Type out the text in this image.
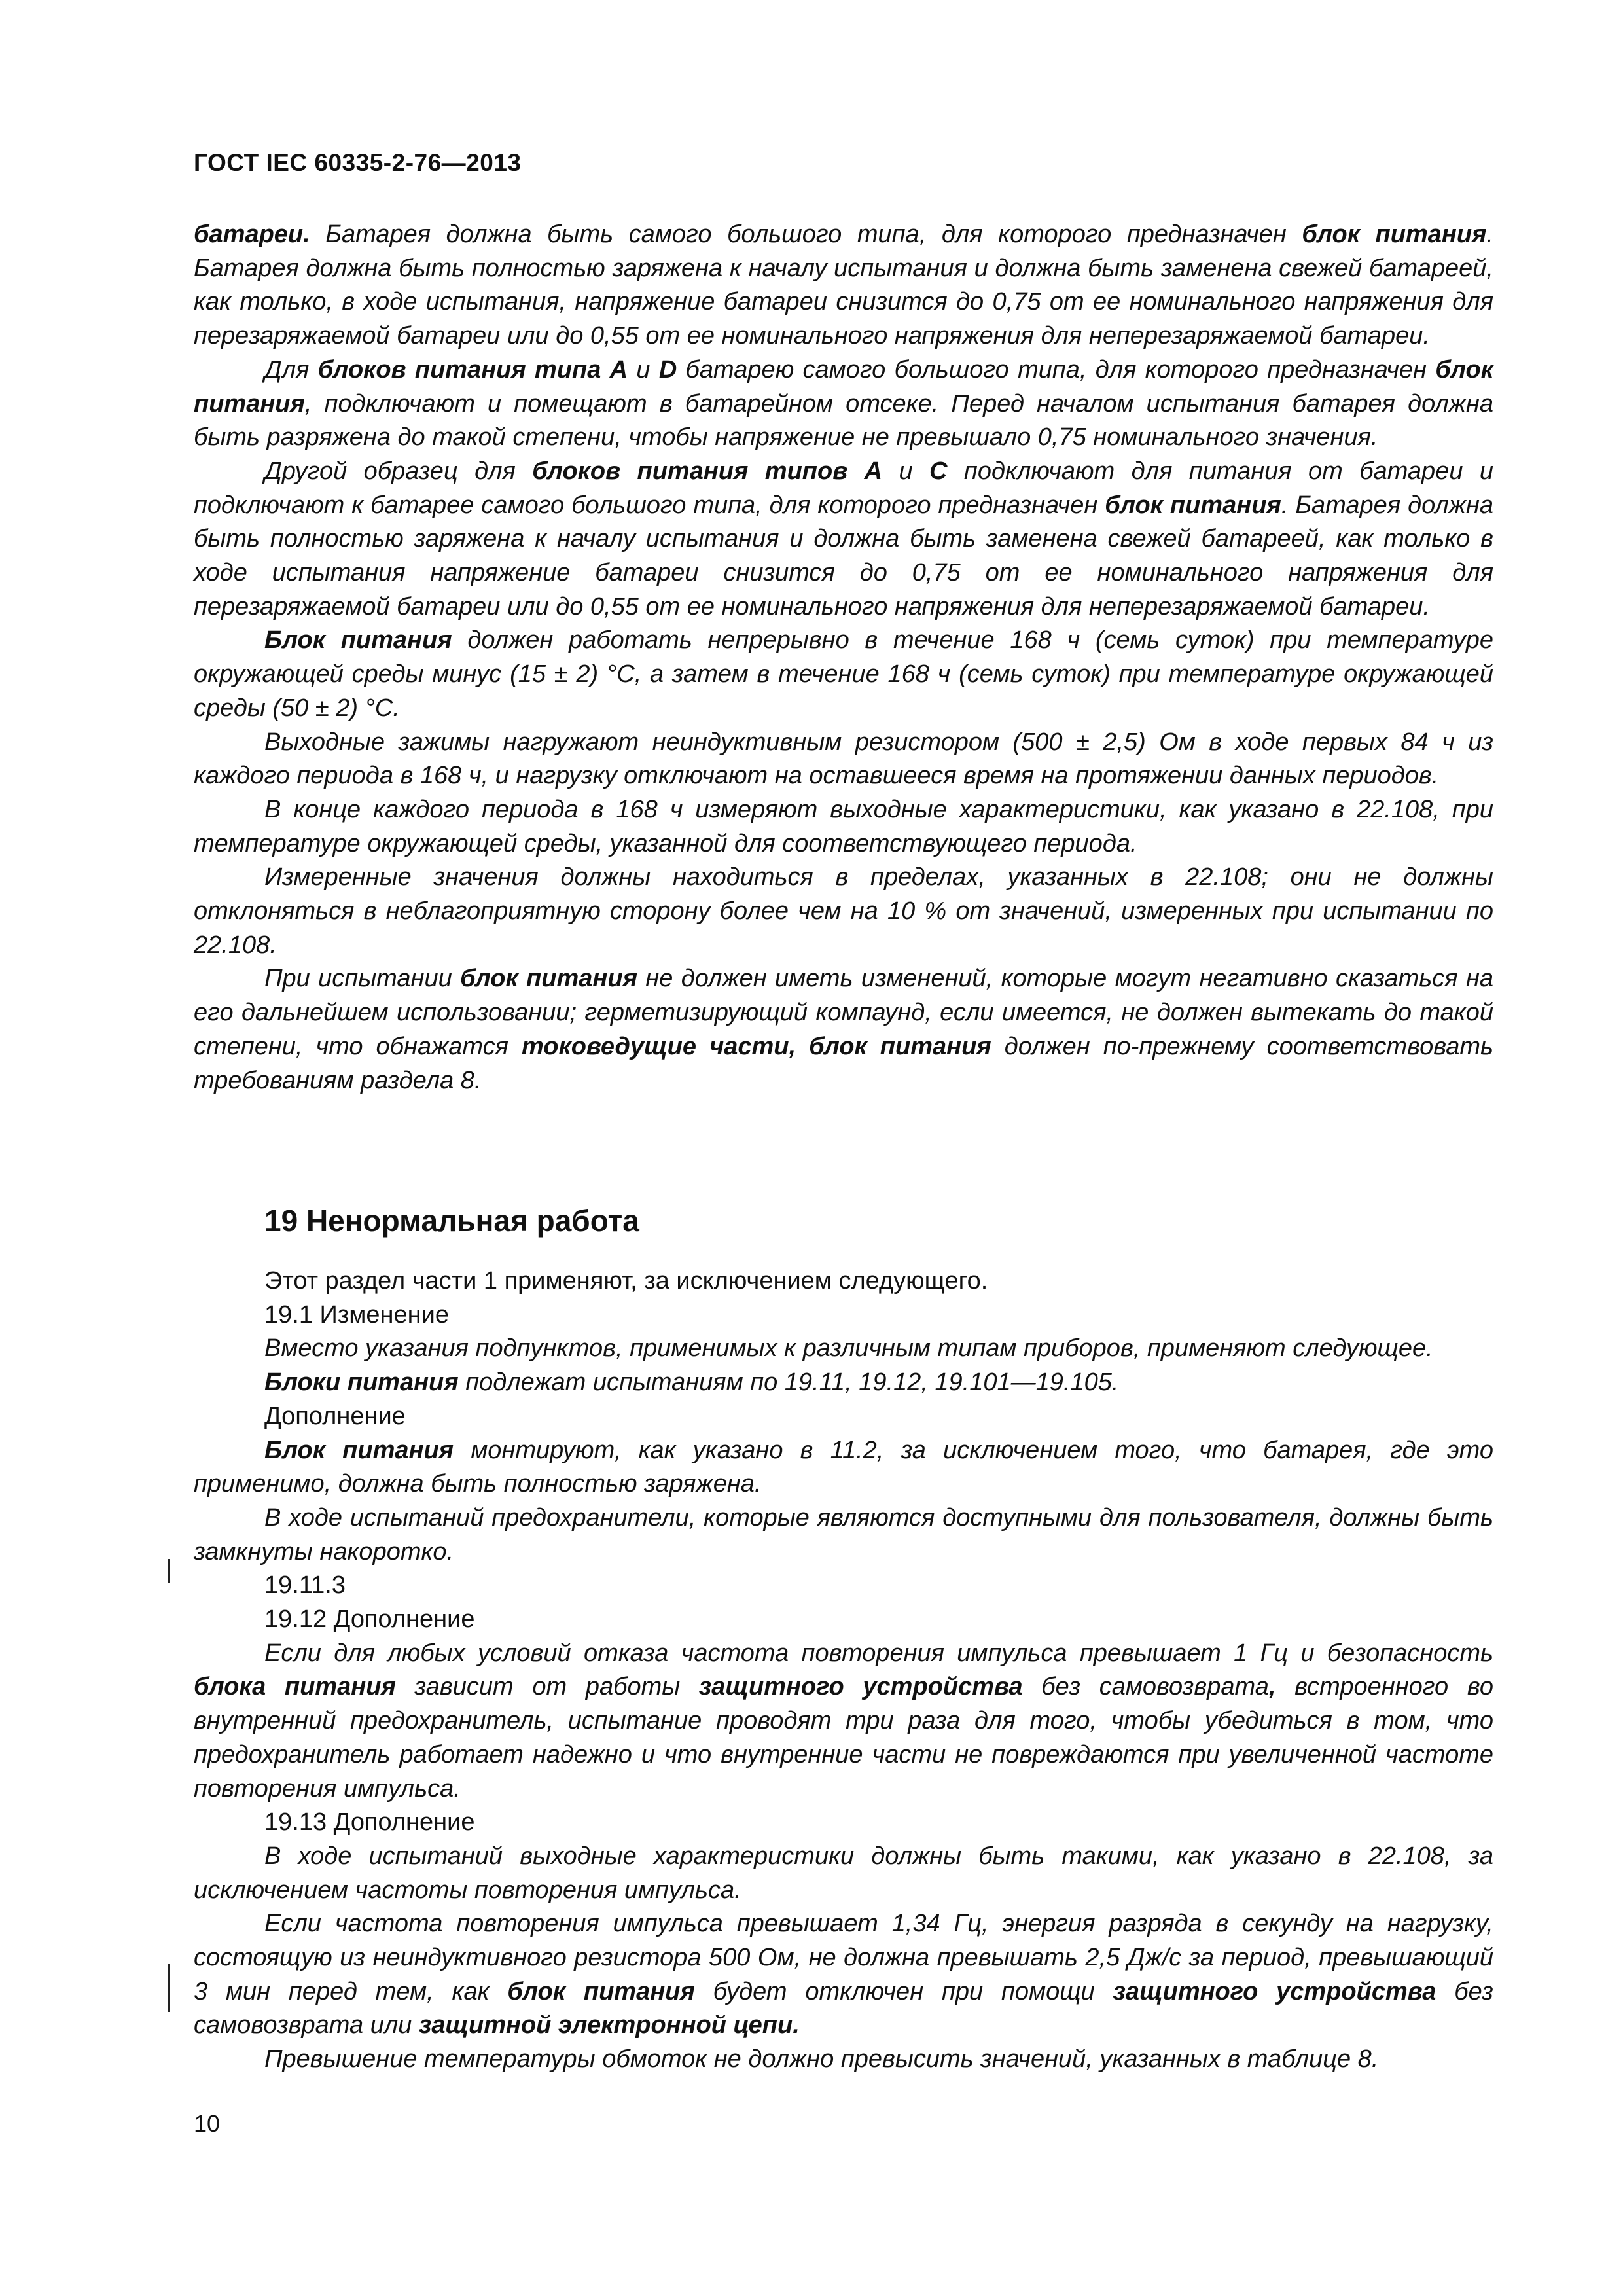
ГОСТ IEC 60335-2-76—2013

батареи. Батарея должна быть самого большого типа, для которого предназначен блок питания. Батарея должна быть полностью заряжена к началу испытания и должна быть заменена свежей батареей, как только, в ходе испытания, напряжение батареи снизится до 0,75 от ее номинального напряжения для перезаряжаемой батареи или до 0,55 от ее номинального напряжения для неперезаряжаемой батареи.

Для блоков питания типа А и D батарею самого большого типа, для которого предназначен блок питания, подключают и помещают в батарейном отсеке. Перед началом испытания батарея должна быть разряжена до такой степени, чтобы напряжение не превышало 0,75 номинального значения.

Другой образец для блоков питания типов А и С подключают для питания от батареи и подключают к батарее самого большого типа, для которого предназначен блок питания. Батарея должна быть полностью заряжена к началу испытания и должна быть заменена свежей батареей, как только в ходе испытания напряжение батареи снизится до 0,75 от ее номинального напряжения для перезаряжаемой батареи или до 0,55 от ее номинального напряжения для неперезаряжаемой батареи.

Блок питания должен работать непрерывно в течение 168 ч (семь суток) при температуре окружающей среды минус (15 ± 2) °С, а затем в течение 168 ч (семь суток) при температуре окружающей среды (50 ± 2) °С.

Выходные зажимы нагружают неиндуктивным резистором (500 ± 2,5) Ом в ходе первых 84 ч из каждого периода в 168 ч, и нагрузку отключают на оставшееся время на протяжении данных периодов.

В конце каждого периода в 168 ч измеряют выходные характеристики, как указано в 22.108, при температуре окружающей среды, указанной для соответствующего периода.

Измеренные значения должны находиться в пределах, указанных в 22.108; они не должны отклоняться в неблагоприятную сторону более чем на 10 % от значений, измеренных при испытании по 22.108.

При испытании блок питания не должен иметь изменений, которые могут негативно сказаться на его дальнейшем использовании; герметизирующий компаунд, если имеется, не должен вытекать до такой степени, что обнажатся токоведущие части, блок питания должен по-прежнему соответствовать требованиям раздела 8.

19 Ненормальная работа

Этот раздел части 1 применяют, за исключением следующего.

19.1 Изменение

Вместо указания подпунктов, применимых к различным типам приборов, применяют следующее.

Блоки питания подлежат испытаниям по 19.11, 19.12, 19.101—19.105.

Дополнение

Блок питания монтируют, как указано в 11.2, за исключением того, что батарея, где это применимо, должна быть полностью заряжена.

В ходе испытаний предохранители, которые являются доступными для пользователя, должны быть замкнуты накоротко.

19.11.3

19.12 Дополнение

Если для любых условий отказа частота повторения импульса превышает 1 Гц и безопасность блока питания зависит от работы защитного устройства без самовозврата, встроенного во внутренний предохранитель, испытание проводят три раза для того, чтобы убедиться в том, что предохранитель работает надежно и что внутренние части не повреждаются при увеличенной частоте повторения импульса.

19.13 Дополнение

В ходе испытаний выходные характеристики должны быть такими, как указано в 22.108, за исключением частоты повторения импульса.

Если частота повторения импульса превышает 1,34 Гц, энергия разряда в секунду на нагрузку, состоящую из неиндуктивного резистора 500 Ом, не должна превышать 2,5 Дж/с за период, превышающий 3 мин перед тем, как блок питания будет отключен при помощи защитного устройства без самовозврата или защитной электронной цепи.

Превышение температуры обмоток не должно превысить значений, указанных в таблице 8.

10
